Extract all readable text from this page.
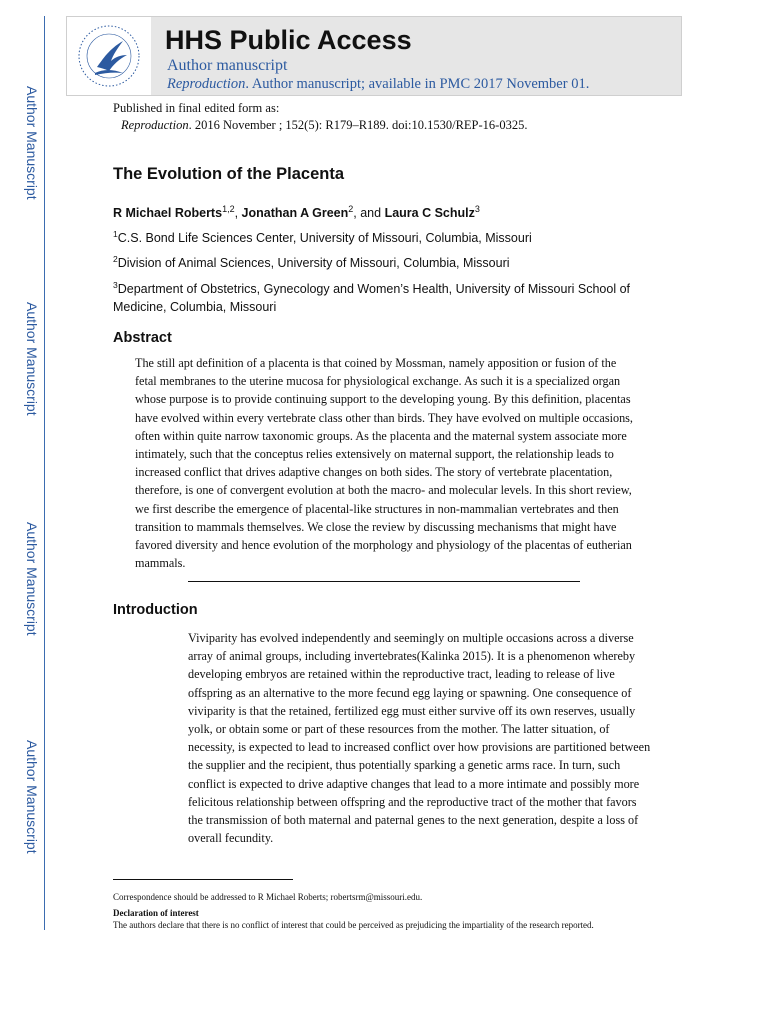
Author Manuscript
Author Manuscript
Author Manuscript
Author Manuscript
HHS Public Access
Author manuscript
Reproduction. Author manuscript; available in PMC 2017 November 01.
Published in final edited form as:
Reproduction. 2016 November ; 152(5): R179–R189. doi:10.1530/REP-16-0325.
The Evolution of the Placenta
R Michael Roberts$^{1,2}$, Jonathan A Green$^2$, and Laura C Schulz$^3$
$^1$C.S. Bond Life Sciences Center, University of Missouri, Columbia, Missouri
$^2$Division of Animal Sciences, University of Missouri, Columbia, Missouri
$^3$Department of Obstetrics, Gynecology and Women’s Health, University of Missouri School of Medicine, Columbia, Missouri
Abstract
The still apt definition of a placenta is that coined by Mossman, namely apposition or fusion of the fetal membranes to the uterine mucosa for physiological exchange. As such it is a specialized organ whose purpose is to provide continuing support to the developing young. By this definition, placentas have evolved within every vertebrate class other than birds. They have evolved on multiple occasions, often within quite narrow taxonomic groups. As the placenta and the maternal system associate more intimately, such that the conceptus relies extensively on maternal support, the relationship leads to increased conflict that drives adaptive changes on both sides. The story of vertebrate placentation, therefore, is one of convergent evolution at both the macro- and molecular levels. In this short review, we first describe the emergence of placental-like structures in non-mammalian vertebrates and then transition to mammals themselves. We close the review by discussing mechanisms that might have favored diversity and hence evolution of the morphology and physiology of the placentas of eutherian mammals.
Introduction
Viviparity has evolved independently and seemingly on multiple occasions across a diverse array of animal groups, including invertebrates(Kalinka 2015). It is a phenomenon whereby developing embryos are retained within the reproductive tract, leading to release of live offspring as an alternative to the more fecund egg laying or spawning. One consequence of viviparity is that the retained, fertilized egg must either survive off its own reserves, usually yolk, or obtain some or part of these resources from the mother. The latter situation, of necessity, is expected to lead to increased conflict over how provisions are partitioned between the supplier and the recipient, thus potentially sparking a genetic arms race. In turn, such conflict is expected to drive adaptive changes that lead to a more intimate and possibly more felicitous relationship between offspring and the reproductive tract of the mother that favors the transmission of both maternal and paternal genes to the next generation, despite a loss of overall fecundity.
Correspondence should be addressed to R Michael Roberts; robertsrm@missouri.edu.
Declaration of interest
The authors declare that there is no conflict of interest that could be perceived as prejudicing the impartiality of the research reported.
